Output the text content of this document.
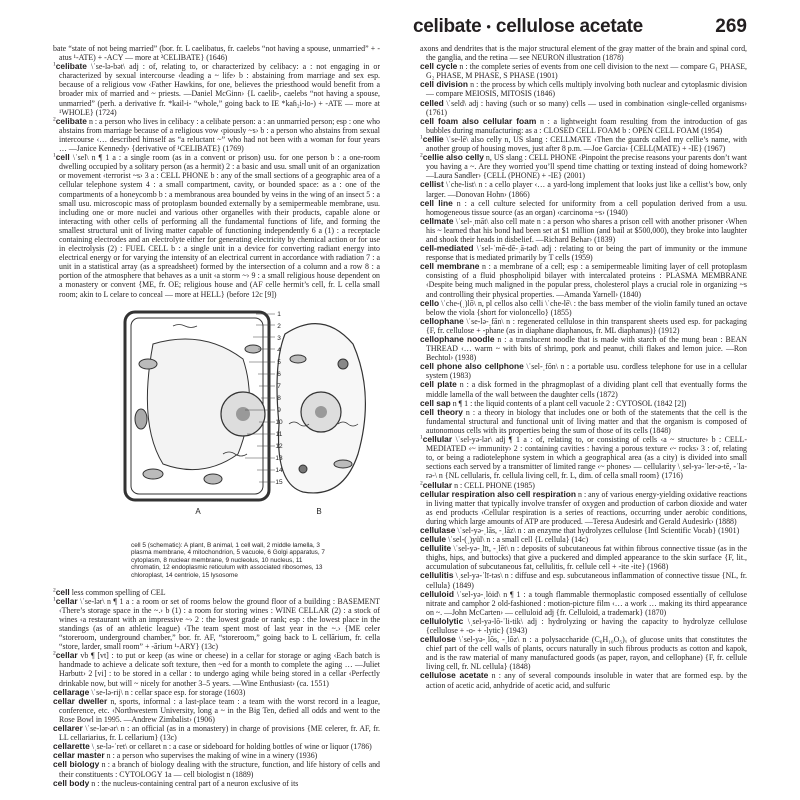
celibate • cellulose acetate	269

bate “state of not being married” (bor. fr. L caelibatus, fr. caelebs “not having a spouse, unmarried” + -atus ¹-ATE) + -ACY — more at ²CELIBATE} (1646)

$^1$celibate \ˈse-lə-bət\ adj : of, relating to, or characterized by celibacy: a : not engaging in or characterized by sexual intercourse ‹leading a ~ life› b : abstaining from marriage and sex esp. because of a religious vow ‹Father Hawkins, for one, believes the priesthood would benefit from a broader mix of married and ~ priests. —Daniel McGinn› {L caelib-, caelebs “not having a spouse, unmarried” (perh. a derivative fr. *kail-i- “whole,” going back to IE *kaɦ₂i-lo-) + -ATE — more at ¹WHOLE} (1724)

$^2$celibate n : a person who lives in celibacy : a celibate person: a : an unmarried person; esp : one who abstains from marriage because of a religious vow ‹piously ~s› b : a person who abstains from sexual intercourse ‹… described himself as “a reluctant ~” who had not been with a woman for four years … —Janice Kennedy› {derivative of ¹CELIBATE} (1769)

$^1$cell \ˈsel\ n ¶ 1 a : a single room (as in a convent or prison) usu. for one person b : a one-room dwelling occupied by a solitary person (as a hermit) 2 : a basic and usu. small unit of an organization or movement ‹terrorist ~s› 3 a : CELL PHONE b : any of the small sections of a geographic area of a cellular telephone system 4 : a small compartment, cavity, or bounded space: as a : one of the compartments of a honeycomb b : a membranous area bounded by veins in the wing of an insect 5 : a small usu. microscopic mass of protoplasm bounded externally by a semipermeable membrane, usu. including one or more nuclei and various other organelles with their products, capable alone or interacting with other cells of performing all the fundamental functions of life, and forming the smallest structural unit of living matter capable of functioning independently 6 a (1) : a receptacle containing electrodes and an electrolyte either for generating electricity by chemical action or for use in electrolysis (2) : FUEL CELL b : a single unit in a device for converting radiant energy into electrical energy or for varying the intensity of an electrical current in accordance with radiation 7 : a unit in a statistical array (as a spreadsheet) formed by the intersection of a column and a row 8 : a portion of the atmosphere that behaves as a unit ‹a storm ~› 9 : a small religious house dependent on a monastery or convent {ME, fr. OE; religious house and (AF celle hermit’s cell, fr. L cella small room; akin to L celare to conceal — more at HELL} (before 12c [9])

1
2
3
4
5
6
7
8
9
10
11
12
13
14
15
A	B
cell 5 (schematic): A plant, B animal, 1 cell wall, 2 middle lamella, 3 plasma membrane, 4 mitochondrion, 5 vacuole, 6 Golgi apparatus, 7 cytoplasm, 8 nuclear membrane, 9 nucleolus, 10 nucleus, 11 chromatin, 12 endoplasmic reticulum with associated ribosomes, 13 chloroplast, 14 centriole, 15 lysosome

$^2$cell less common spelling of CEL

$^1$cellar \ˈse-lər\ n ¶ 1 a : a room or set of rooms below the ground floor of a building : BASEMENT ‹There’s storage space in the ~.› b (1) : a room for storing wines : WINE CELLAR (2) : a stock of wines ‹a restaurant with an impressive ~› 2 : the lowest grade or rank; esp : the lowest place in the standings (as of an athletic league) ‹The team spent most of last year in the ~.› {ME celer “storeroom, underground chamber,” bor. fr. AF, “storeroom,” going back to L cellārium, fr. cella “store, larder, small room” + -ārium ¹-ARY} (13c)

$^2$cellar vb ¶ [vt] : to put or keep (as wine or cheese) in a cellar for storage or aging ‹Each batch is handmade to achieve a delicate soft texture, then ~ed for a month to complete the aging … —Juliet Harbutt› 2 [vi] : to be stored in a cellar : to undergo aging while being stored in a cellar ‹Perfectly drinkable now, but will ~ nicely for another 3–5 years. —Wine Enthusiast› (ca. 1551)

cellarage \ˈse-lə-rij\ n : cellar space esp. for storage (1603)

cellar dweller n, sports, informal : a last-place team : a team with the worst record in a league, conference, etc. ‹Northwestern University, long a ~ in the Big Ten, defied all odds and went to the Rose Bowl in 1995. —Andrew Zimbalist› (1906)

cellarer \ˈse-lər-ər\ n : an official (as in a monastery) in charge of provisions {ME celerer, fr. AF, fr. LL cellariarius, fr. L cellarium} (13c)

cellarette \ˌse-lə-ˈret\ or cellaret n : a case or sideboard for holding bottles of wine or liquor (1786)

cellar master n : a person who supervises the making of wine in a winery (1936)

cell biology n : a branch of biology dealing with the structure, function, and life history of cells and their constituents : CYTOLOGY 1a — cell biologist n (1889)

cell body n : the nucleus-containing central part of a neuron exclusive of its

axons and dendrites that is the major structural element of the gray matter of the brain and spinal cord, the ganglia, and the retina — see NEURON illustration (1878)

cell cycle n : the complete series of events from one cell division to the next — compare G₁ PHASE, G₂ PHASE, M PHASE, S PHASE (1901)

cell division n : the process by which cells multiply involving both nuclear and cytoplasmic division — compare MEIOSIS, MITOSIS (1846)

celled \ˈseld\ adj : having (such or so many) cells — used in combination ‹single-celled organisms› (1761)

cell foam also cellular foam n : a lightweight foam resulting from the introduction of gas bubbles during manufacturing: as a : CLOSED CELL FOAM b : OPEN CELL FOAM (1954)

$^1$cellie \ˈse-lē\ also celly n, US slang : CELLMATE ‹Then the guards called my cellie’s name, with another group of housing moves, just after 8 p.m. —Joe Garcia› {CELL(MATE) + -IE} (1967)

$^2$cellie also celly n, US slang : CELL PHONE ‹Pinpoint the precise reasons your parents don’t want you having a ~. Are they worried you’ll spend time chatting or texting instead of doing homework? —Laura Sandler› {CELL (PHONE) + -IE} (2001)

cellist \ˈche-list\ n : a cello player ‹… a yard-long implement that looks just like a cellist’s bow, only larger. —Donovan Hohn› (1866)

cell line n : a cell culture selected for uniformity from a cell population derived from a usu. homogeneous tissue source (as an organ) ‹carcinoma ~s› (1940)

cellmate \ˈsel-ˌmāt\ also cell mate n : a person who shares a prison cell with another prisoner ‹When his ~ learned that his bond had been set at $1 million (and bail at $500,000), they broke into laughter and shook their heads in disbelief. —Richard Behar› (1839)

cell-mediated \ˈsel-ˈmē-dē-ˌā-təd\ adj : relating to or being the part of immunity or the immune response that is mediated primarily by T cells (1959)

cell membrane n : a membrane of a cell; esp : a semipermeable limiting layer of cell protoplasm consisting of a fluid phospholipid bilayer with intercalated proteins : PLASMA MEMBRANE ‹Despite being much maligned in the popular press, cholesterol plays a crucial role in organizing ~s and controlling their physical properties. —Amanda Yarnell› (1840)

cello \ˈche-(ˌ)lō\ n, pl cellos also celli \ˈche-lē\ : the bass member of the violin family tuned an octave below the viola {short for violoncello} (1855)

cellophane \ˈse-lə-ˌfān\ n : regenerated cellulose in thin transparent sheets used esp. for packaging {F, fr. cellulose + -phane (as in diaphane diaphanous, fr. ML diaphanus)} (1912)

cellophane noodle n : a translucent noodle that is made with starch of the mung bean : BEAN THREAD ‹… warm ~ with bits of shrimp, pork and peanut, chili flakes and lemon juice. —Ron Bechtol› (1938)

cell phone also cellphone \ˈsel-ˌfōn\ n : a portable usu. cordless telephone for use in a cellular system (1983)

cell plate n : a disk formed in the phragmoplast of a dividing plant cell that eventually forms the middle lamella of the wall between the daughter cells (1872)

cell sap n ¶ 1 : the liquid contents of a plant cell vacuole 2 : CYTOSOL (1842 [2])

cell theory n : a theory in biology that includes one or both of the statements that the cell is the fundamental structural and functional unit of living matter and that the organism is composed of autonomous cells with its properties being the sum of those of its cells (1848)

$^1$cellular \ˈsel-yə-lər\ adj ¶ 1 a : of, relating to, or consisting of cells ‹a ~ structure› b : CELL-MEDIATED ‹~ immunity› 2 : containing cavities : having a porous texture ‹~ rocks› 3 : of, relating to, or being a radiotelephone system in which a geographical area (as a city) is divided into small sections each served by a transmitter of limited range ‹~ phones› — cellularity \ˌsel-yə-ˈler-ə-tē, -ˈla-rə-\ n {NL cellularis, fr. cellula living cell, fr. L, dim. of cella small room} (1716)

$^2$cellular n : CELL PHONE (1985)

cellular respiration also cell respiration n : any of various energy-yielding oxidative reactions in living matter that typically involve transfer of oxygen and production of carbon dioxide and water as end products ‹Cellular respiration is a series of reactions, occurring under aerobic conditions, during which large amounts of ATP are produced. —Teresa Audesirk and Gerald Audesirk› (1888)

cellulase \ˈsel-yə-ˌlās, -ˌlāz\ n : an enzyme that hydrolyzes cellulose {Intl Scientific Vocab} (1901)

cellule \ˈsel-(ˌ)yül\ n : a small cell {L cellula} (14c)

cellulite \ˈsel-yə-ˌlīt, -ˌlēt\ n : deposits of subcutaneous fat within fibrous connective tissue (as in the thighs, hips, and buttocks) that give a puckered and dimpled appearance to the skin surface {F, lit., accumulation of subcutaneous fat, cellulitis, fr. cellule cell + -ite -ite} (1968)

cellulitis \ˌsel-yə-ˈlī-təs\ n : diffuse and esp. subcutaneous inflammation of connective tissue {NL, fr. cellula} (1849)

celluloid \ˈsel-yə-ˌlȯid\ n ¶ 1 : a tough flammable thermoplastic composed essentially of cellulose nitrate and camphor 2 old-fashioned : motion-picture film ‹… a work … making its third appearance on ~. —John McCarten› — celluloid adj {fr. Celluloid, a trademark} (1870)

cellulolytic \ˌsel-yə-lō-ˈli-tik\ adj : hydrolyzing or having the capacity to hydrolyze cellulose {cellulose + -o- + -lytic} (1943)

cellulose \ˈsel-yə-ˌlōs, -ˌlōz\ n : a polysaccharide (C₆H₁₀O₅)ₓ of glucose units that constitutes the chief part of the cell walls of plants, occurs naturally in such fibrous products as cotton and kapok, and is the raw material of many manufactured goods (as paper, rayon, and cellophane) {F, fr. cellule living cell, fr. NL cellula} (1848)

cellulose acetate n : any of several compounds insoluble in water that are formed esp. by the action of acetic acid, anhydride of acetic acid, and sulfuric
